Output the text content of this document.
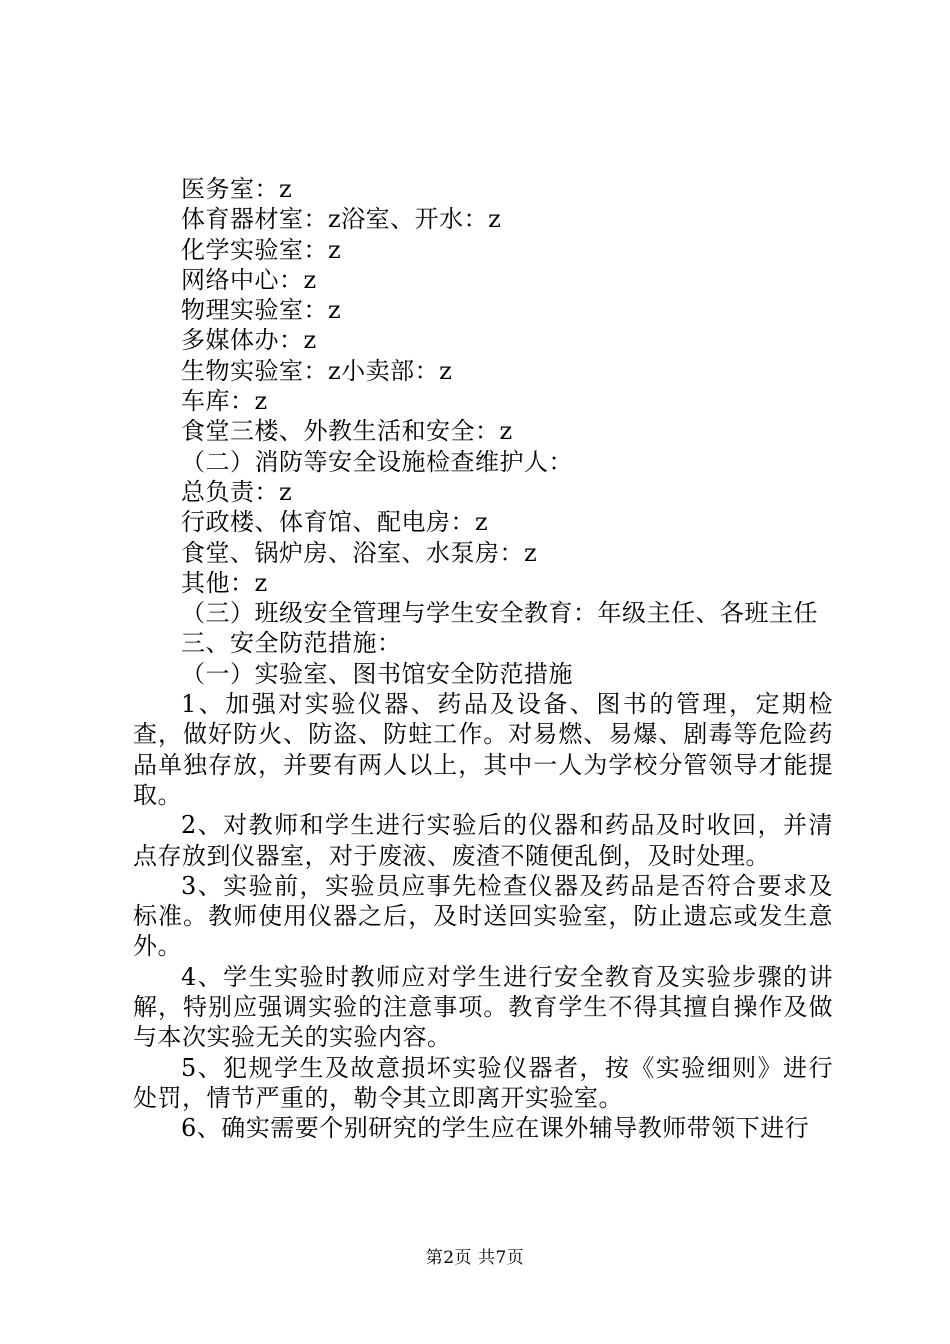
医务室：z
体育器材室：z浴室、开水：z
化学实验室：z
网络中心：z
物理实验室：z
多媒体办：z
生物实验室：z小卖部：z
车库：z
食堂三楼、外教生活和安全：z
（二）消防等安全设施检查维护人：
总负责：z
行政楼、体育馆、配电房：z
食堂、锅炉房、浴室、水泵房：z
其他：z
（三）班级安全管理与学生安全教育：年级主任、各班主任
三、安全防范措施：
（一）实验室、图书馆安全防范措施
1、加强对实验仪器、药品及设备、图书的管理，定期检查，做好防火、防盗、防蛀工作。对易燃、易爆、剧毒等危险药品单独存放，并要有两人以上，其中一人为学校分管领导才能提取。
2、对教师和学生进行实验后的仪器和药品及时收回，并清点存放到仪器室，对于废液、废渣不随便乱倒，及时处理。
3、实验前，实验员应事先检查仪器及药品是否符合要求及标准。教师使用仪器之后，及时送回实验室，防止遗忘或发生意外。
4、学生实验时教师应对学生进行安全教育及实验步骤的讲解，特别应强调实验的注意事项。教育学生不得其擅自操作及做与本次实验无关的实验内容。
5、犯规学生及故意损坏实验仪器者，按《实验细则》进行处罚，情节严重的，勒令其立即离开实验室。
6、确实需要个别研究的学生应在课外辅导教师带领下进行
第2页 共7页
